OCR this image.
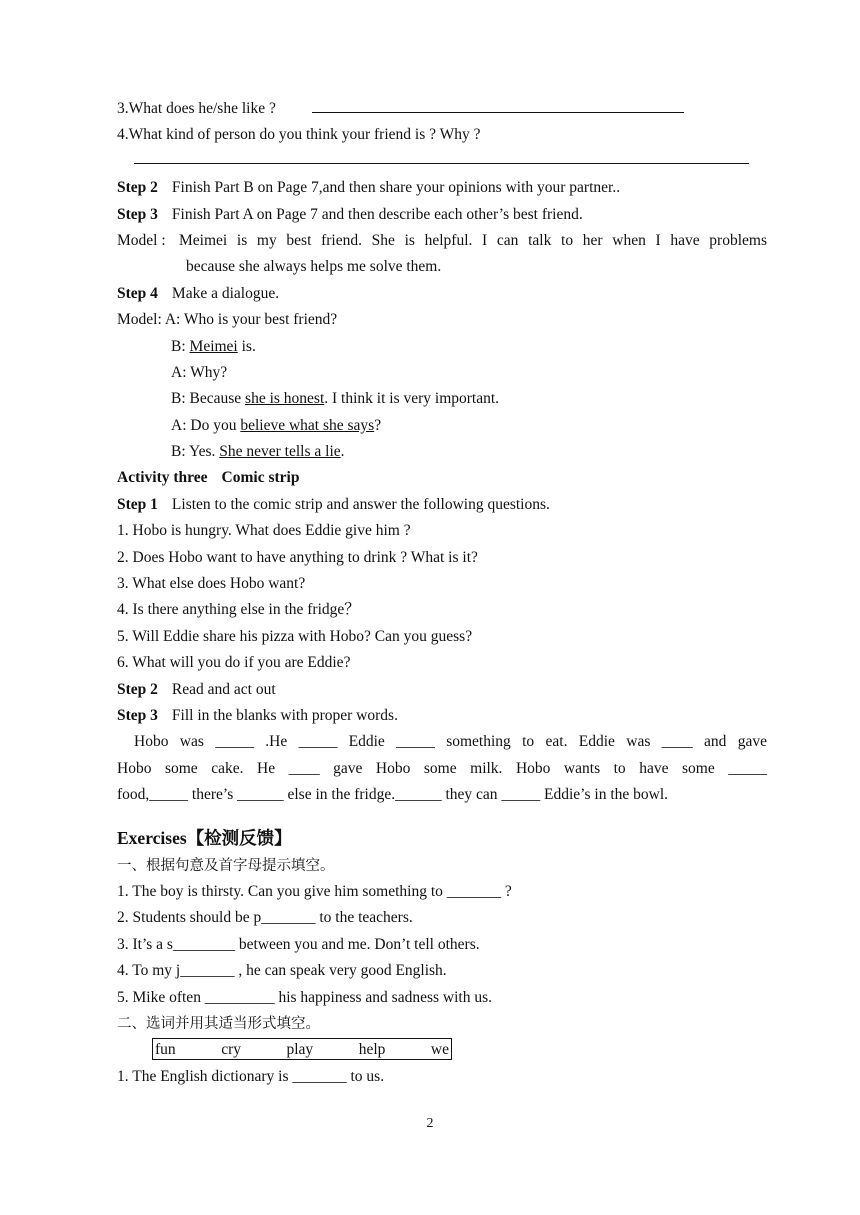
3.What does he/she like ?
4.What kind of person do you think your friend is ? Why ?
Step 2 Finish Part B on Page 7,and then share your opinions with your partner..
Step 3 Finish Part A on Page 7 and then describe each other’s best friend.
Model : Meimei is my best friend. She is helpful. I can talk to her when I have problems
because she always helps me solve them.
Step 4 Make a dialogue.
Model: A: Who is your best friend?
B: Meimei is.
A: Why?
B: Because she is honest. I think it is very important.
A: Do you believe what she says?
B: Yes. She never tells a lie.
Activity three Comic strip
Step 1 Listen to the comic strip and answer the following questions.
1. Hobo is hungry. What does Eddie give him ?
2. Does Hobo want to have anything to drink ? What is it?
3. What else does Hobo want?
4. Is there anything else in the fridge？
5. Will Eddie share his pizza with Hobo? Can you guess?
6. What will you do if you are Eddie?
Step 2 Read and act out
Step 3 Fill in the blanks with proper words.
Hobo was _____ .He _____ Eddie _____ something to eat. Eddie was ____ and gave
Hobo some cake. He ____ gave Hobo some milk. Hobo wants to have some _____
food,_____ there’s ______ else in the fridge.______ they can _____ Eddie’s in the bowl.
Exercises【检测反馈】
一、根据句意及首字母提示填空。
1. The boy is thirsty. Can you give him something to _______ ?
2. Students should be p_______ to the teachers.
3. It’s a s________ between you and me. Don’t tell others.
4. To my j_______ , he can speak very good English.
5. Mike often _________ his happiness and sadness with us.
二、选词并用其适当形式填空。
fun	cry	play	help	we
1. The English dictionary is _______ to us.
2
